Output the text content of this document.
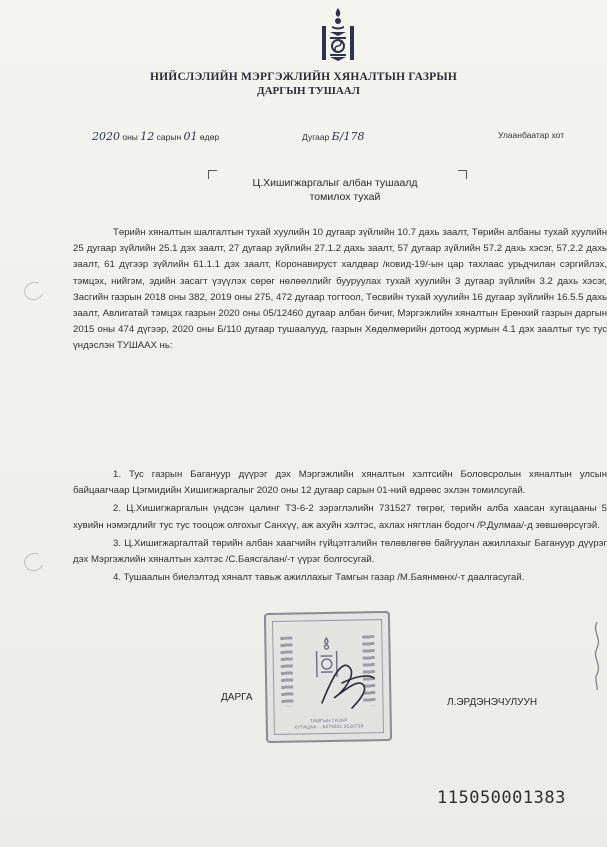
НИЙСЛЭЛИЙН МЭРГЭЖЛИЙН ХЯНАЛТЫН ГАЗРЫН
ДАРГЫН ТУШААЛ
2020 оны 12 сарын 01 өдөр	Дугаар Б/178	Улаанбаатар хот
Ц.Хишигжаргалыг албан тушаалд
томилох тухай

Төрийн хяналтын шалгалтын тухай хуулийн 10 дугаар зүйлийн 10.7 дахь заалт, Төрийн албаны тухай хуулийн 25 дугаар зүйлийн 25.1 дэх заалт, 27 дугаар зүйлийн 27.1.2 дахь заалт, 57 дугаар зүйлийн 57.2 дахь хэсэг, 57.2.2 дахь заалт, 61 дүгээр зүйлийн 61.1.1 дэх заалт, Коронавируст халдвар /ковид-19/-ын цар тахлаас урьдчилан сэргийлэх, тэмцэх, нийгэм, эдийн засагт үзүүлэх сөрөг нөлөөллийг бууруулах тухай хуулийн 3 дугаар зүйлийн 3.2 дахь хэсэг, Засгийн газрын 2018 оны 382, 2019 оны 275, 472 дугаар тогтоол, Төсвийн тухай хуулийн 16 дугаар зүйлийн 16.5.5 дахь заалт, Авлигатай тэмцэх газрын 2020 оны 05/12460 дугаар албан бичиг, Мэргэжлийн хяналтын Ерөнхий газрын даргын 2015 оны 474 дүгээр, 2020 оны Б/110 дугаар тушаалууд, газрын Хөдөлмөрийн дотоод журмын 4.1 дэх заалтыг тус тус үндэслэн ТУШААХ нь:

1. Тус газрын Багануур дүүрэг дэх Мэргэжлийн хяналтын хэлтсийн Боловсролын хяналтын улсын байцаагчаар Цэгмидийн Хишигжаргалыг 2020 оны 12 дугаар сарын 01-ний өдрөөс эхлэн томилсугай.

2. Ц.Хишигжаргалын үндсэн цалинг ТЗ-6-2 зэрэглэлийн 731527 төгрөг, төрийн алба хаасан хугацааны 5 хувийн нэмэгдлийг тус тус тооцож олгохыг Санхүү, аж ахуйн хэлтэс, ахлах нягтлан бодогч /Р.Дулмаа/-д зөвшөөрсүгэй.

3. Ц.Хишигжаргалтай төрийн албан хаагчийн гүйцэтгэлийн төлөвлөгөө байгуулан ажиллахыг Багануур дүүрэг дэх Мэргэжлийн хяналтын хэлтэс /С.Баясгалан/-т үүрэг болгосугай.

4. Тушаалын биелэлтэд хяналт тавьж ажиллахыг Тамгын газар /М.Баянмөнх/-т даалгасугай.

ТАМГЫН ГАЗАР
ХУГАЦАА ...6278581 9126738
ДАРГА	Л.ЭРДЭНЭЧУЛУУН
115050001383
